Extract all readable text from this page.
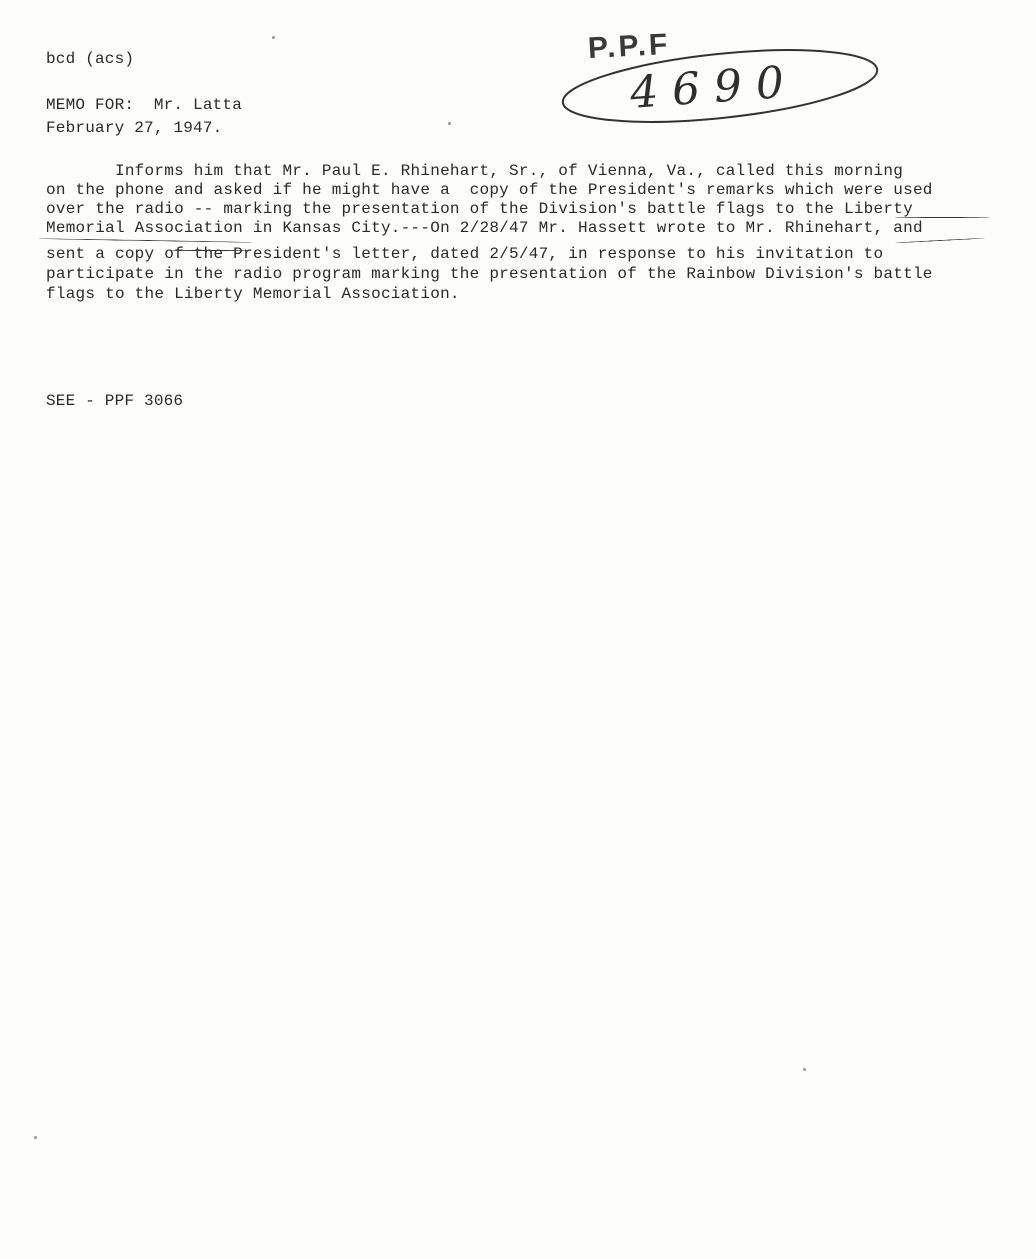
bcd (acs)
MEMO FOR:  Mr. Latta
February 27, 1947.
P.P.F
4690
Informs him that Mr. Paul E. Rhinehart, Sr., of Vienna, Va., called this morning
on the phone and asked if he might have a  copy of the President's remarks which were used
over the radio -- marking the presentation of the Division's battle flags to the Liberty
Memorial Association in Kansas City.---On 2/28/47 Mr. Hassett wrote to Mr. Rhinehart, and
sent a copy of the President's letter, dated 2/5/47, in response to his invitation to
participate in the radio program marking the presentation of the Rainbow Division's battle
flags to the Liberty Memorial Association.
SEE - PPF 3066
